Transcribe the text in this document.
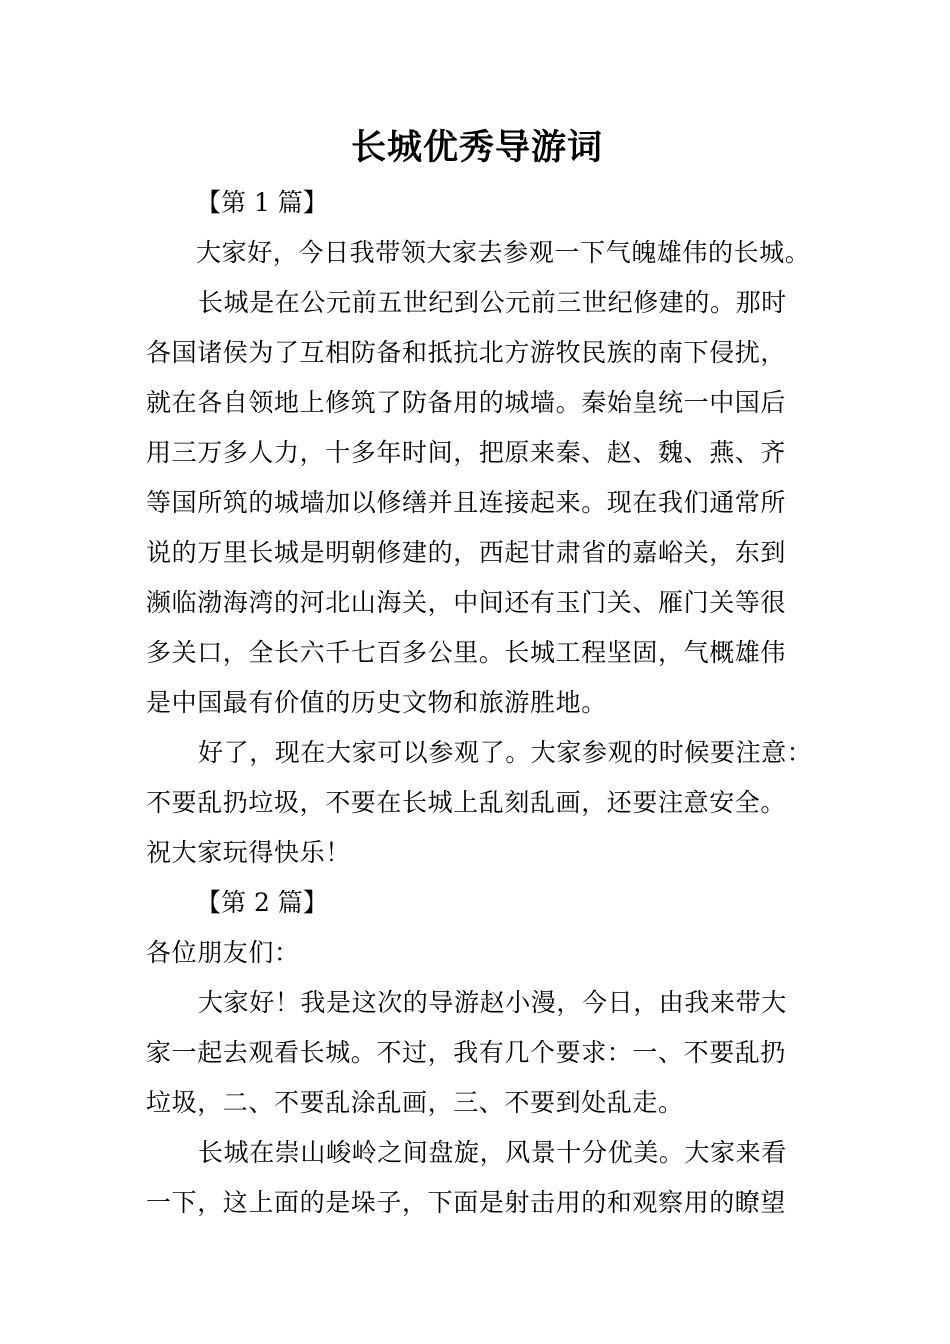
长城优秀导游词

【第 1 篇】

大家好，今日我带领大家去参观一下气魄雄伟的长城。

长城是在公元前五世纪到公元前三世纪修建的。那时
各国诸侯为了互相防备和抵抗北方游牧民族的南下侵扰，
就在各自领地上修筑了防备用的城墙。秦始皇统一中国后
用三万多人力，十多年时间，把原来秦、赵、魏、燕、齐
等国所筑的城墙加以修缮并且连接起来。现在我们通常所
说的万里长城是明朝修建的，西起甘肃省的嘉峪关，东到
濒临渤海湾的河北山海关，中间还有玉门关、雁门关等很
多关口，全长六千七百多公里。长城工程坚固，气概雄伟
是中国最有价值的历史文物和旅游胜地。

好了，现在大家可以参观了。大家参观的时候要注意：
不要乱扔垃圾，不要在长城上乱刻乱画，还要注意安全。
祝大家玩得快乐！

【第 2 篇】

各位朋友们：

大家好！我是这次的导游赵小漫，今日，由我来带大
家一起去观看长城。不过，我有几个要求：一、不要乱扔
垃圾，二、不要乱涂乱画，三、不要到处乱走。

长城在崇山峻岭之间盘旋，风景十分优美。大家来看
一下，这上面的是垛子，下面是射击用的和观察用的瞭望
